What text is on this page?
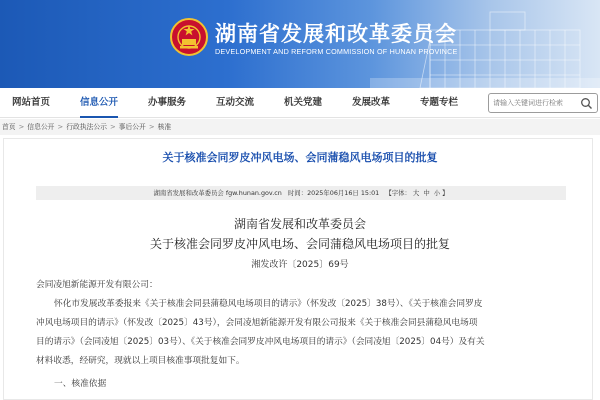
湖南省发展和改革委员会
DEVELOPMENT AND REFORM COMMISSION OF HUNAN PROVINCE
网站首页	信息公开	办事服务	互动交流	机关党建	发展改革	专题专栏
请输入关键词进行检索
首页 > 信息公开 > 行政执法公示 > 事后公开 > 核准
关于核准会同罗皮冲风电场、会同蒲稳风电场项目的批复
湖南省发展和改革委员会 fgw.hunan.gov.cn 时间：2025年06月16日 15:01 【字体： 大 中 小 】
湖南省发展和改革委员会
关于核准会同罗皮冲风电场、会同蒲稳风电场项目的批复
湘发改许〔2025〕69号
会同凌旭新能源开发有限公司：
怀化市发展改革委报来《关于核准会同县蒲稳风电场项目的请示》（怀发改〔2025〕38号）、《关于核准会同罗皮
冲风电场项目的请示》（怀发改〔2025〕43号），会同凌旭新能源开发有限公司报来《关于核准会同县蒲稳风电场项
目的请示》（会同凌旭〔2025〕03号）、《关于核准会同罗皮冲风电场项目的请示》（会同凌旭〔2025〕04号）及有关
材料收悉，经研究，现就以上项目核准事项批复如下。
一、核准依据
